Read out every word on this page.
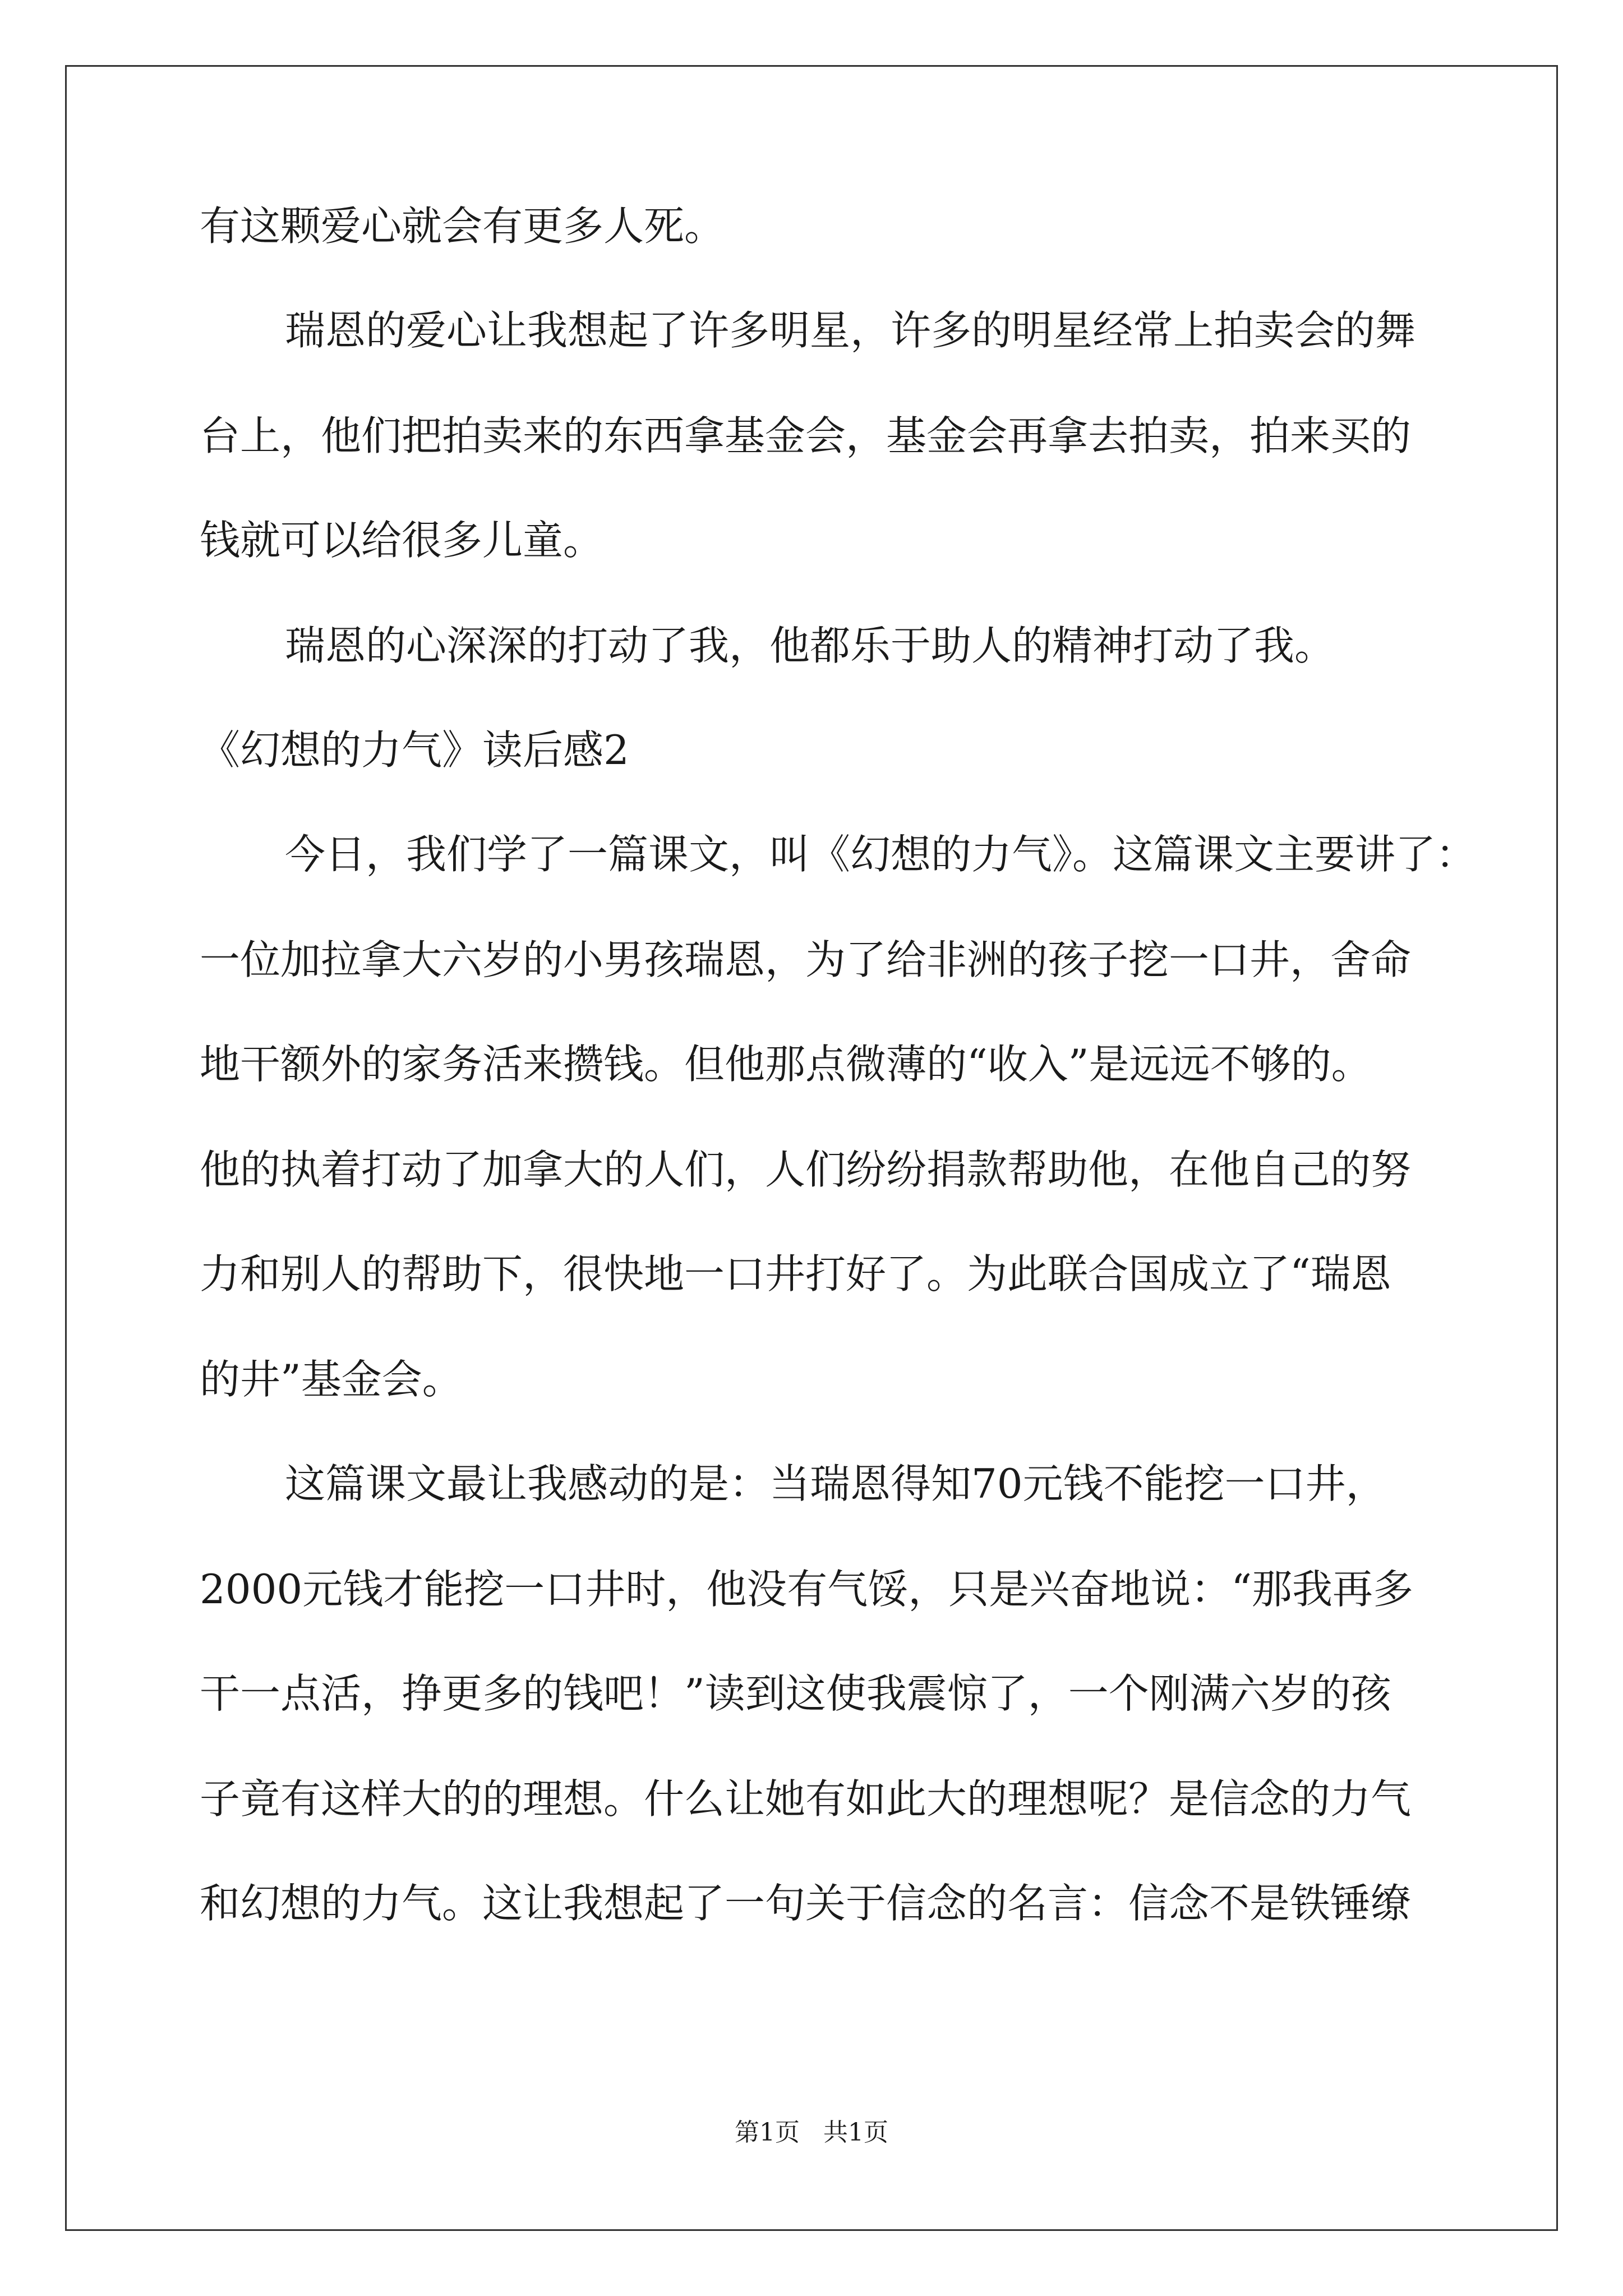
有这颗爱心就会有更多人死。
瑞恩的爱心让我想起了许多明星，许多的明星经常上拍卖会的舞
台上，他们把拍卖来的东西拿基金会，基金会再拿去拍卖，拍来买的
钱就可以给很多儿童。
瑞恩的心深深的打动了我，他都乐于助人的精神打动了我。
《幻想的力气》读后感2
今日，我们学了一篇课文，叫《幻想的力气》。这篇课文主要讲了：
一位加拉拿大六岁的小男孩瑞恩，为了给非洲的孩子挖一口井，舍命
地干额外的家务活来攒钱。但他那点微薄的“收入”是远远不够的。
他的执着打动了加拿大的人们，人们纷纷捐款帮助他，在他自己的努
力和别人的帮助下，很快地一口井打好了。为此联合国成立了“瑞恩
的井”基金会。
这篇课文最让我感动的是：当瑞恩得知70元钱不能挖一口井，
2000元钱才能挖一口井时，他没有气馁，只是兴奋地说：“那我再多
干一点活，挣更多的钱吧！”读到这使我震惊了，一个刚满六岁的孩
子竟有这样大的的理想。什么让她有如此大的理想呢？是信念的力气
和幻想的力气。这让我想起了一句关于信念的名言：信念不是铁锤缭
第1页   共1页
